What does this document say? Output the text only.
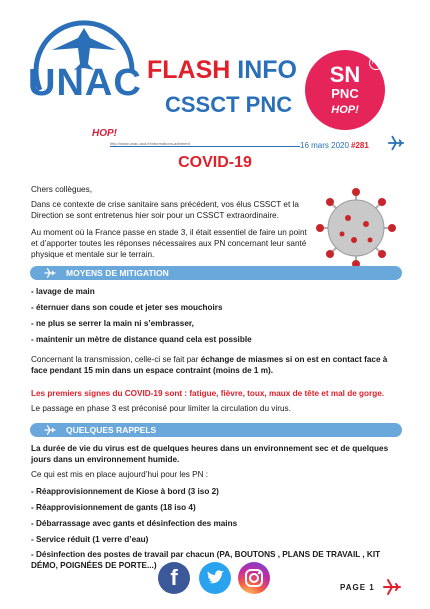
UNAC
HOP!
FLASH INFO
CSSCT PNC
FO
SN
PNC
HOP!
http://www.unac-aoa.fr/informations-adherent	16 mars 2020 #281
COVID-19
Chers collègues,
Dans ce contexte de crise sanitaire sans précédent, vos élus CSSCT et la Direction se sont entretenus hier soir pour un CSSCT extraordinaire.
Au moment où la France passe en stade 3, il était essentiel de faire un point et d’apporter toutes les réponses nécessaires aux PN concernant leur santé physique et mentale sur le terrain.
MOYENS DE MITIGATION
- lavage de main
- éternuer dans son coude et jeter ses mouchoirs
- ne plus se serrer la main ni s’embrasser,
- maintenir un mètre de distance quand cela est possible
Concernant la transmission, celle-ci se fait par échange de miasmes si on est en contact face à face pendant 15 min dans un espace contraint (moins de 1 m).
Les premiers signes du COVID-19 sont : fatigue, fièvre, toux, maux de tête et mal de gorge.
Le passage en phase 3 est préconisé pour limiter la circulation du virus.
QUELQUES RAPPELS
La durée de vie du virus est de quelques heures dans un environnement sec et de quelques jours dans un environnement humide.
Ce qui est mis en place aujourd’hui pour les PN :
- Réapprovisionnement de Kiose à bord (3 iso 2)
- Réapprovisionnement de gants (18 iso 4)
- Débarrassage avec gants et désinfection des mains
- Service réduit (1 verre d’eau)
- Désinfection des postes de travail par chacun (PA, BOUTONS , PLANS DE TRAVAIL , KIT DÉMO, POIGNÉES DE PORTE...) f	PAGE 1
